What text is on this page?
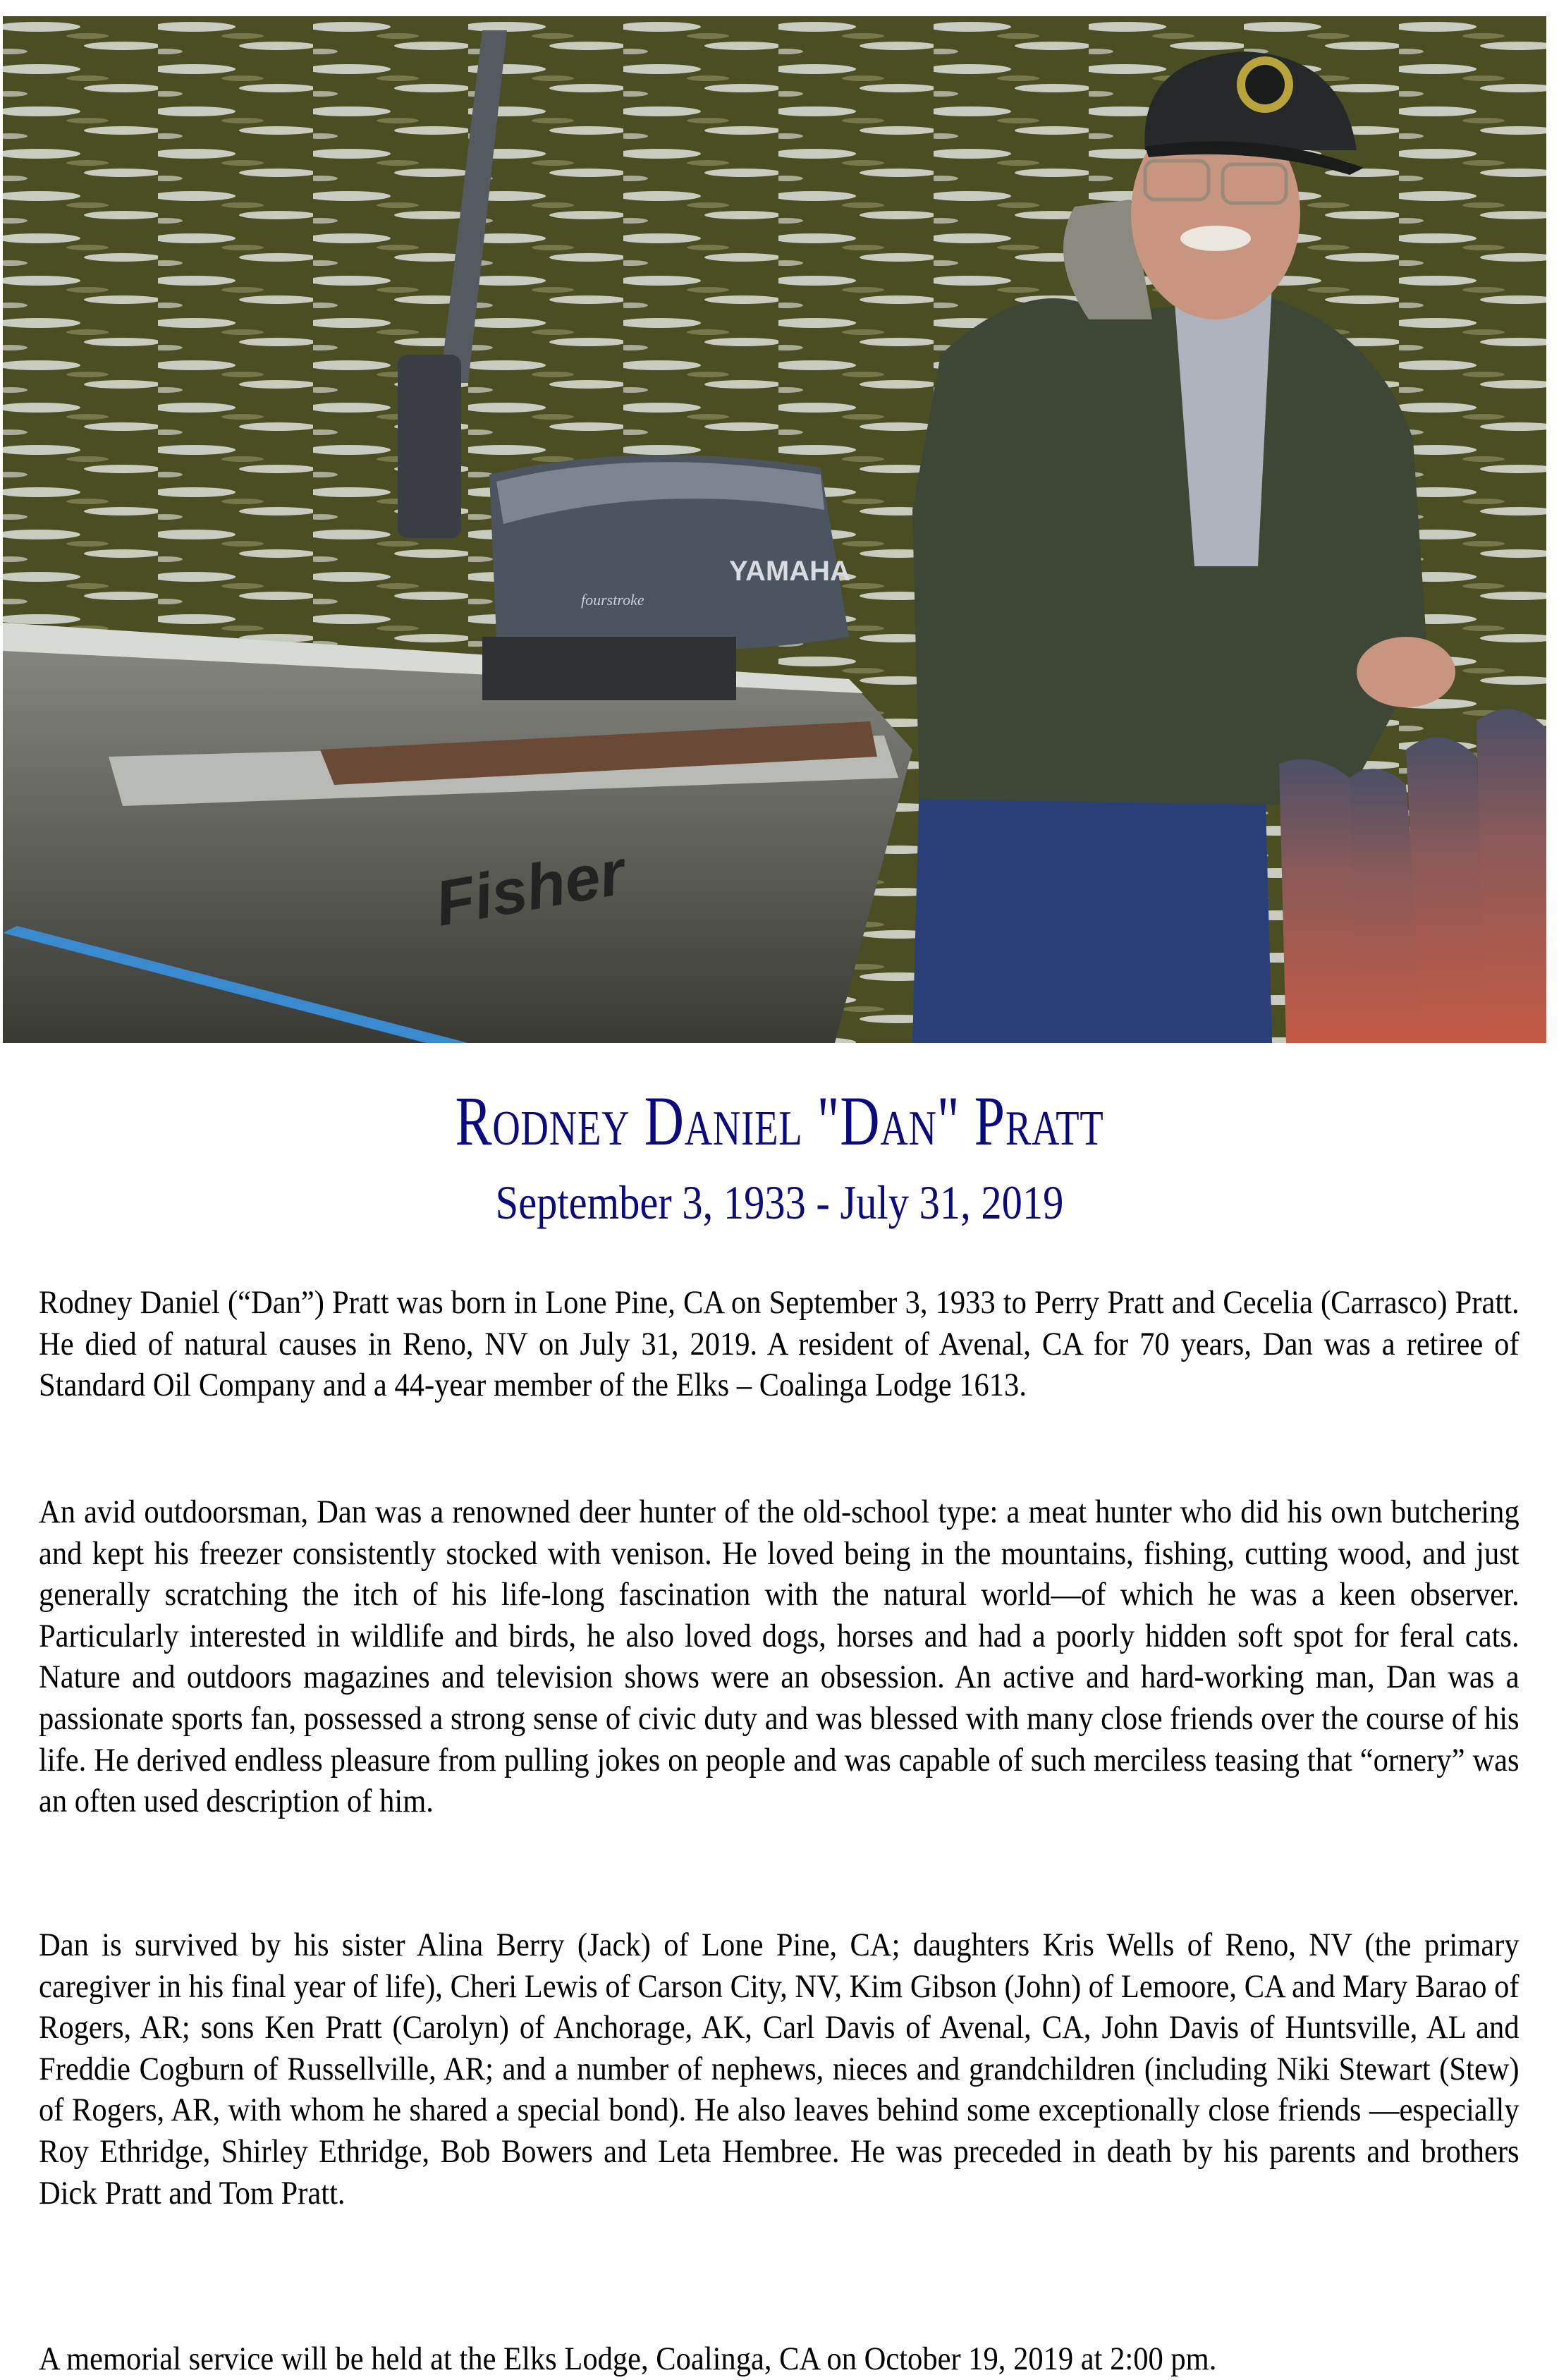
YAMAHA
fourstroke
Fisher
Rodney Daniel "Dan" Pratt
September 3, 1933 - July 31, 2019

Rodney Daniel (“Dan”) Pratt was born in Lone Pine, CA on September 3, 1933 to Perry Pratt and Cecelia (Carrasco) Pratt. He died of natural causes in Reno, NV on July 31, 2019. A resident of Avenal, CA for 70 years, Dan was a retiree of Standard Oil Company and a 44-year member of the Elks – Coalinga Lodge 1613.

An avid outdoorsman, Dan was a renowned deer hunter of the old-school type: a meat hunter who did his own butchering and kept his freezer consistently stocked with venison. He loved being in the mountains, fishing, cutting wood, and just generally scratching the itch of his life-long fascination with the natural world—of which he was a keen observer. Particularly interested in wildlife and birds, he also loved dogs, horses and had a poorly hidden soft spot for feral cats. Nature and outdoors magazines and television shows were an obsession. An active and hard-working man, Dan was a passionate sports fan, possessed a strong sense of civic duty and was blessed with many close friends over the course of his life. He derived endless pleasure from pulling jokes on people and was capable of such merciless teasing that “ornery” was an often used description of him.

Dan is survived by his sister Alina Berry (Jack) of Lone Pine, CA; daughters Kris Wells of Reno, NV (the primary caregiver in his final year of life), Cheri Lewis of Carson City, NV, Kim Gibson (John) of Lemoore, CA and Mary Barao of Rogers, AR; sons Ken Pratt (Carolyn) of Anchorage, AK, Carl Davis of Avenal, CA, John Davis of Huntsville, AL and Freddie Cogburn of Russellville, AR; and a number of nephews, nieces and grandchildren (including Niki Stewart (Stew) of Rogers, AR, with whom he shared a special bond). He also leaves behind some exceptionally close friends —especially Roy Ethridge, Shirley Ethridge, Bob Bowers and Leta Hembree. He was preceded in death by his parents and brothers Dick Pratt and Tom Pratt.

A memorial service will be held at the Elks Lodge, Coalinga, CA on October 19, 2019 at 2:00 pm.
